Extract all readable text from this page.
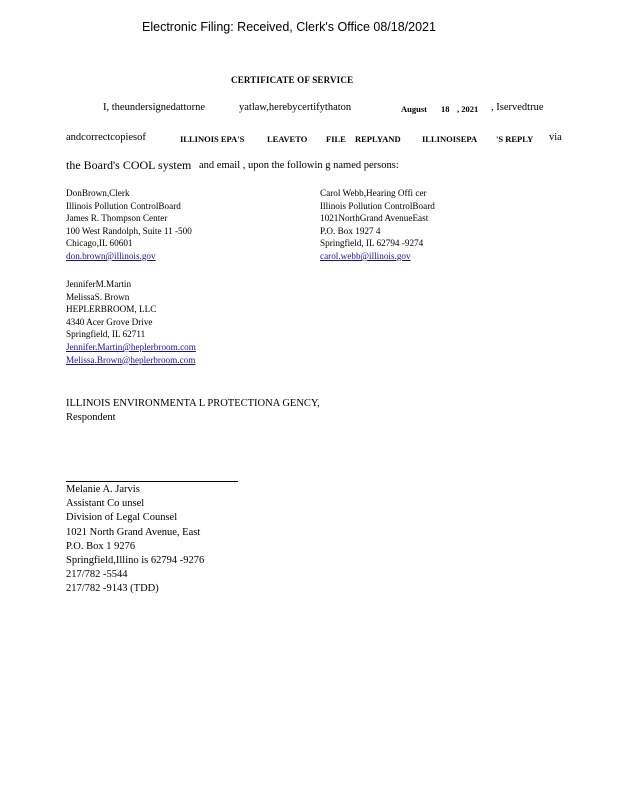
Electronic Filing: Received, Clerk's Office 08/18/2021
CERTIFICATE OF SERVICE
I, theundersignedattorne	yatlaw,herebycertifythaton	August 18 , 2021 , Iservedtrue
andcorrectcopiesof	ILLINOIS EPA'S	LEAVETO FILE REPLYAND	ILLINOISEPA 'S REPLY via
the Board's COOL system and email , upon the followin g named persons:
DonBrown,Clerk
Illinois Pollution ControlBoard
James R. Thompson Center
100 West Randolph, Suite 11 -500
Chicago,IL 60601
don.brown@illinois.gov
Carol Webb,Hearing Offi cer
Illinois Pollution ControlBoard
1021NorthGrand AvenueEast
P.O. Box 1927 4
Springfield, IL 62794 -9274
carol.webb@illinois.gov
JenniferM.Martin
MelissaS. Brown
HEPLERBROOM, LLC
4340 Acer Grove Drive
Springfield, IL 62711
Jennifer.Martin@heplerbroom.com
Melissa.Brown@heplerbroom.com
ILLINOIS ENVIRONMENTA L PROTECTIONA GENCY,
Respondent
Melanie A. Jarvis
Assistant Co unsel
Division of Legal Counsel
1021 North Grand Avenue, East
P.O. Box 1 9276
Springfield,Illino is 62794 -9276
217/782 -5544
217/782 -9143 (TDD)
